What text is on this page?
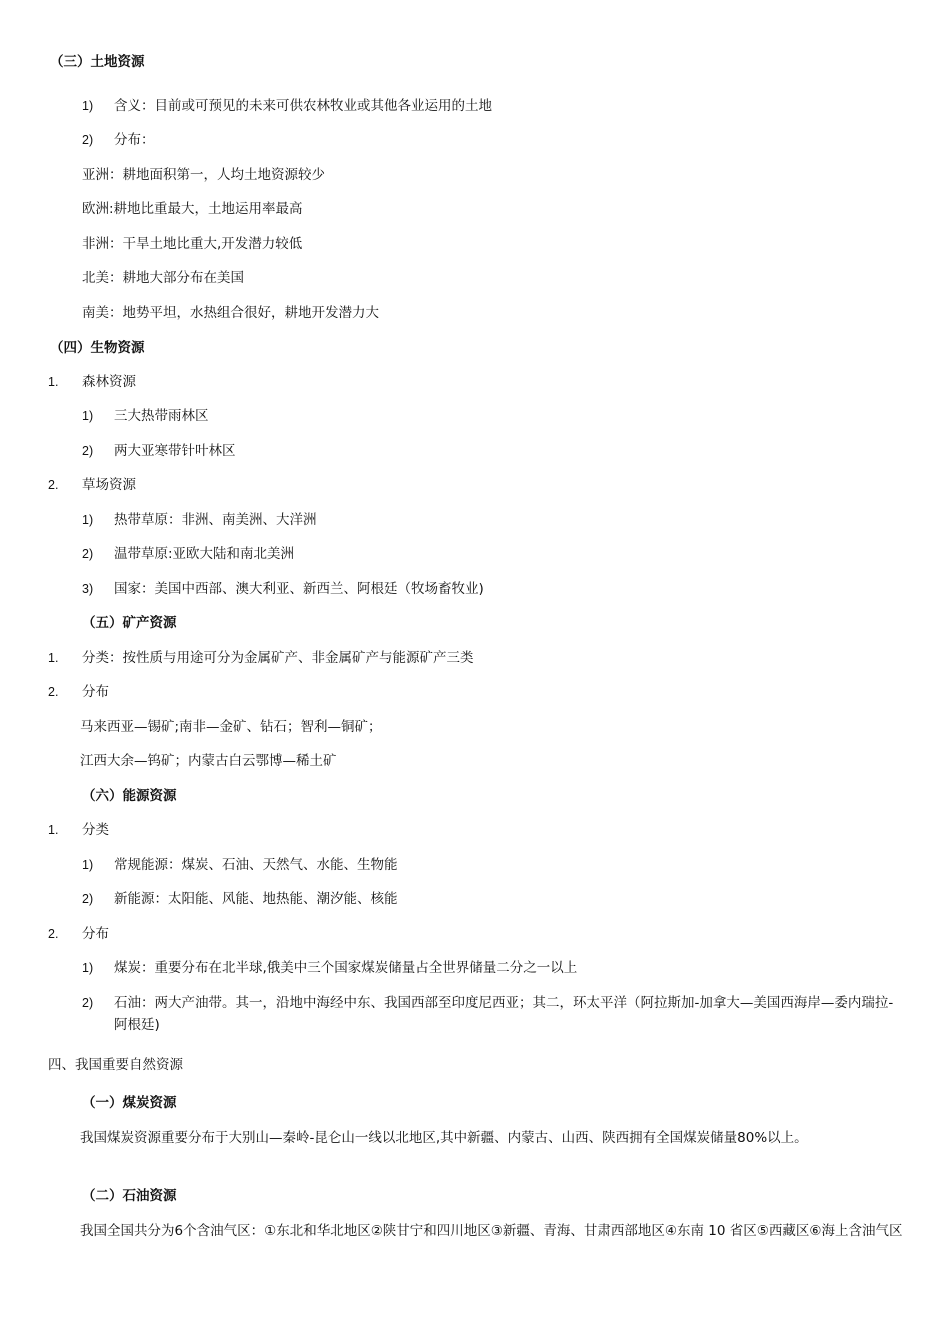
（三）土地资源
1) 含义：目前或可预见的未来可供农林牧业或其他各业运用的土地
2) 分布：
亚洲：耕地面积第一，人均土地资源较少
欧洲:耕地比重最大，土地运用率最高
非洲：干旱土地比重大,开发潜力较低
北美：耕地大部分布在美国
南美：地势平坦，水热组合很好，耕地开发潜力大
（四）生物资源
1. 森林资源
1) 三大热带雨林区
2) 两大亚寒带针叶林区
2. 草场资源
1) 热带草原：非洲、南美洲、大洋洲
2) 温带草原:亚欧大陆和南北美洲
3) 国家：美国中西部、澳大利亚、新西兰、阿根廷（牧场畜牧业)
（五）矿产资源
1. 分类：按性质与用途可分为金属矿产、非金属矿产与能源矿产三类
2. 分布
马来西亚—锡矿;南非—金矿、钻石；智利—铜矿；
江西大余—钨矿；内蒙古白云鄂博—稀土矿
（六）能源资源
1. 分类
1) 常规能源：煤炭、石油、天然气、水能、生物能
2) 新能源：太阳能、风能、地热能、潮汐能、核能
2. 分布
1) 煤炭：重要分布在北半球,俄美中三个国家煤炭储量占全世界储量二分之一以上
2) 石油：两大产油带。其一，沿地中海经中东、我国西部至印度尼西亚；其二，环太平洋（阿拉斯加-加拿大—美国西海岸—委内瑞拉-阿根廷)
四、我国重要自然资源
（一）煤炭资源
我国煤炭资源重要分布于大别山—秦岭-昆仑山一线以北地区,其中新疆、内蒙古、山西、陕西拥有全国煤炭储量80%以上。
（二）石油资源
我国全国共分为6个含油气区：①东北和华北地区②陕甘宁和四川地区③新疆、青海、甘肃西部地区④东南 10 省区⑤西藏区⑥海上含油气区
